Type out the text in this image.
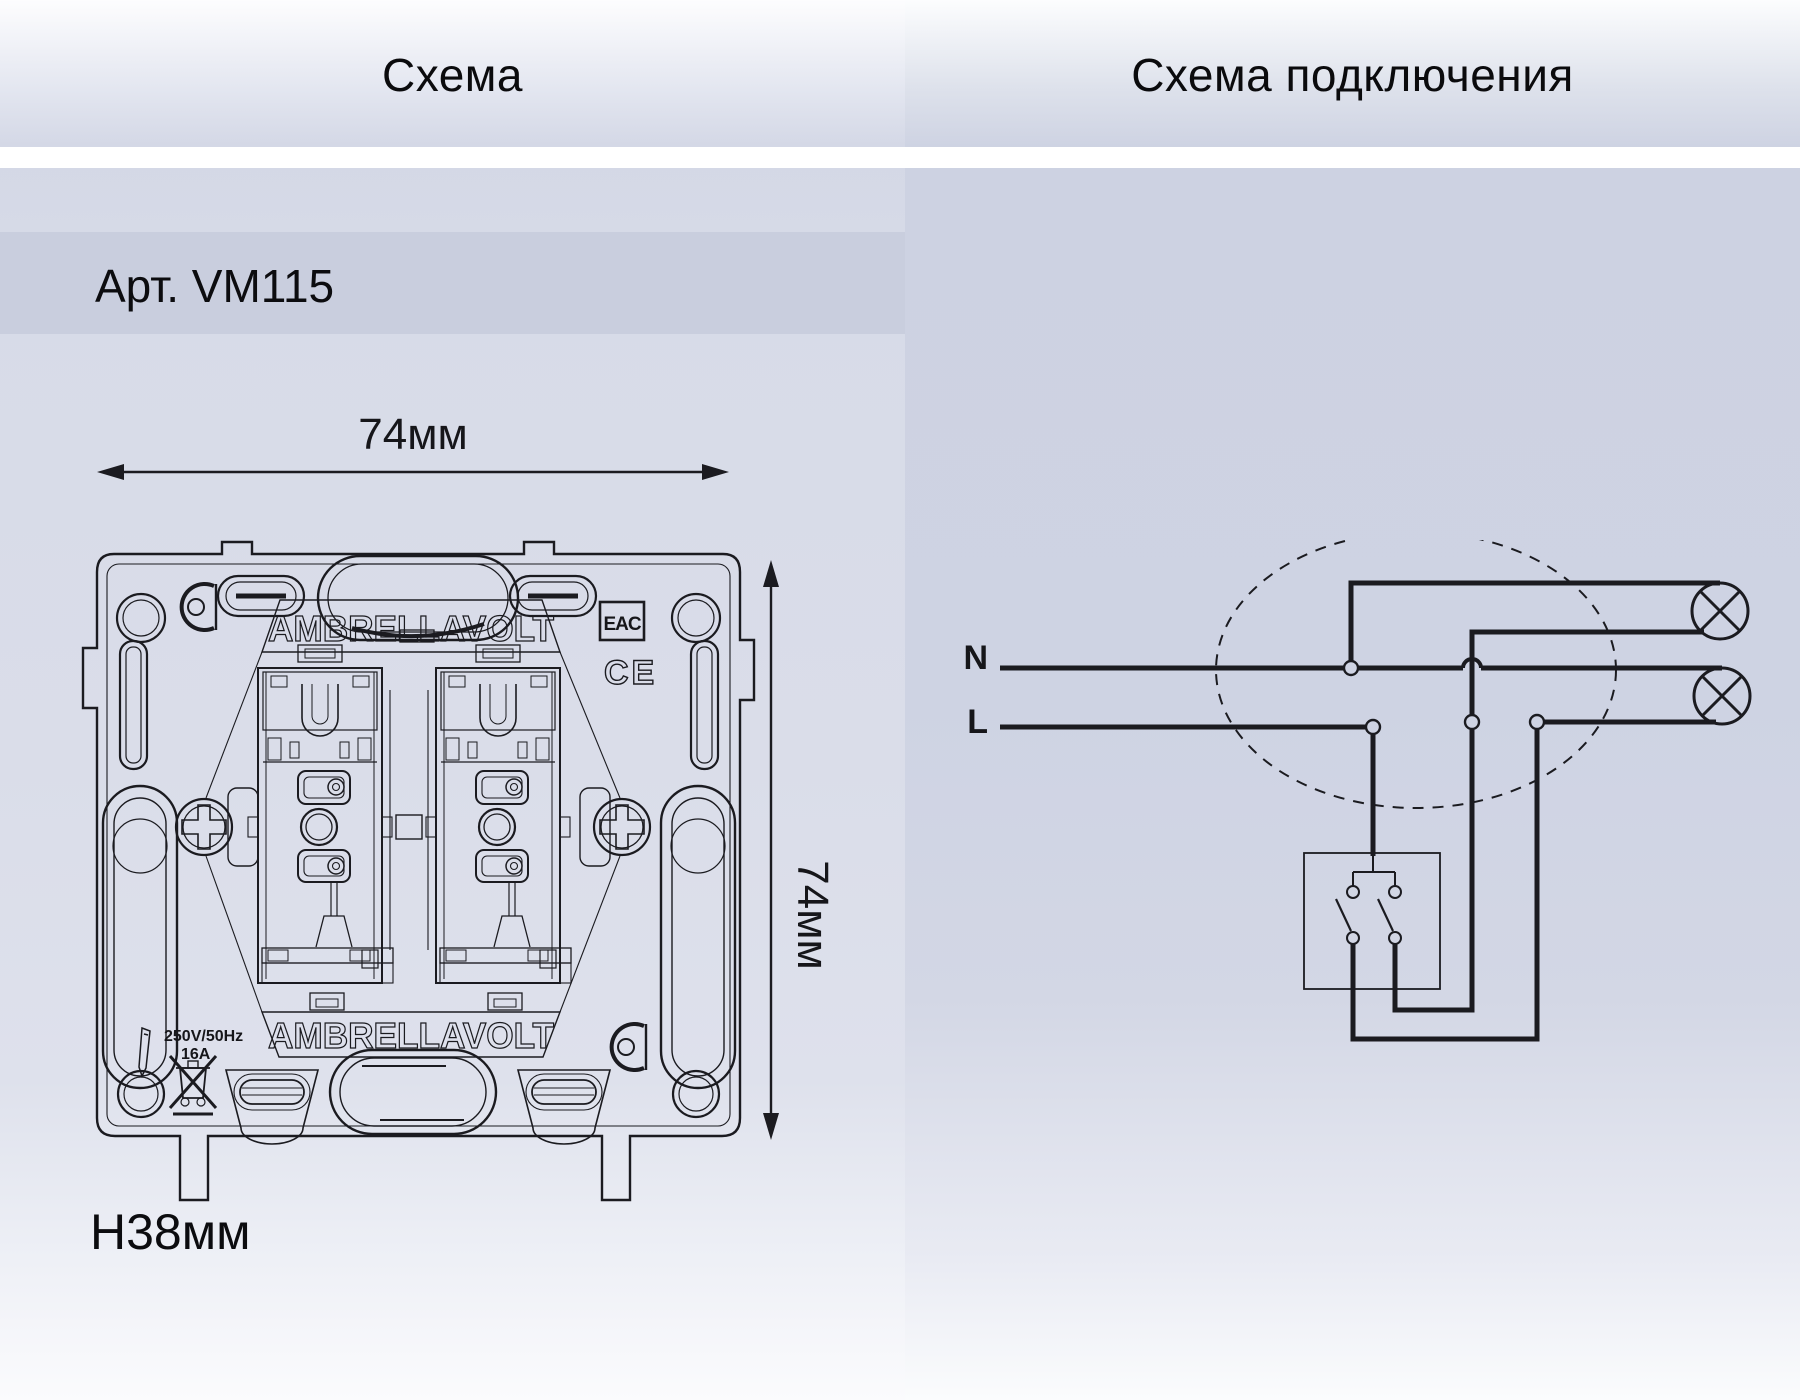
Схема	Схема подключения
Арт. VM115
Н38мм
74мм
74мм
EAC
CE
AMBRELLAVOLT
AMBRELLAVOLT
250V/50Hz
16A
N
L
